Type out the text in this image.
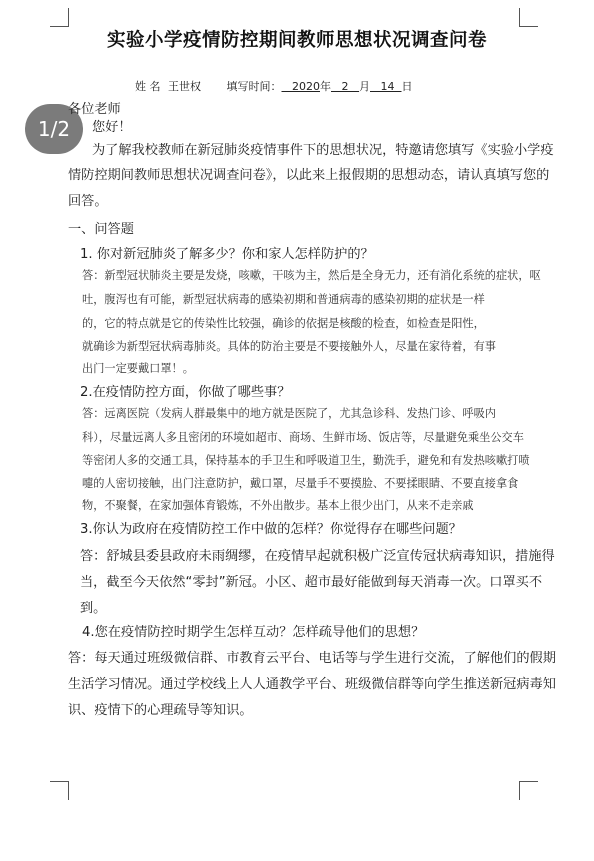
实验小学疫情防控期间教师思想状况调查问卷
姓 名 王世权 填写时间： 2020年 2 月 14 日
1/2
各位老师
您好！
为了解我校教师在新冠肺炎疫情事件下的思想状况，特邀请您填写《实验小学疫
情防控期间教师思想状况调查问卷》，以此来上报假期的思想动态，请认真填写您的
回答。
一、问答题
1. 你对新冠肺炎了解多少？你和家人怎样防护的？
答：新型冠状肺炎主要是发烧，咳嗽，干咳为主，然后是全身无力，还有消化系统的症状，呕
吐，腹泻也有可能，新型冠状病毒的感染初期和普通病毒的感染初期的症状是一样
的，它的特点就是它的传染性比较强，确诊的依据是核酸的检查，如检查是阳性，
就确诊为新型冠状病毒肺炎。具体的防治主要是不要接触外人，尽量在家待着，有事
出门一定要戴口罩！。
2.在疫情防控方面，你做了哪些事？
答：远离医院（发病人群最集中的地方就是医院了，尤其急诊科、发热门诊、呼吸内
科），尽量远离人多且密闭的环境如超市、商场、生鲜市场、饭店等，尽量避免乘坐公交车
等密闭人多的交通工具，保持基本的手卫生和呼吸道卫生，勤洗手，避免和有发热咳嗽打喷
嚏的人密切接触，出门注意防护，戴口罩，尽量手不要摸脸、不要揉眼睛、不要直接拿食
物，不聚餐，在家加强体育锻炼，不外出散步。基本上很少出门，从来不走亲戚
3.你认为政府在疫情防控工作中做的怎样？你觉得存在哪些问题？
答：舒城县委县政府未雨绸缪，在疫情早起就积极广泛宣传冠状病毒知识，措施得
当，截至今天依然“零封”新冠。小区、超市最好能做到每天消毒一次。口罩买不
到。
4.您在疫情防控时期学生怎样互动？怎样疏导他们的思想？
答：每天通过班级微信群、市教育云平台、电话等与学生进行交流，了解他们的假期
生活学习情况。通过学校线上人人通教学平台、班级微信群等向学生推送新冠病毒知
识、疫情下的心理疏导等知识。
